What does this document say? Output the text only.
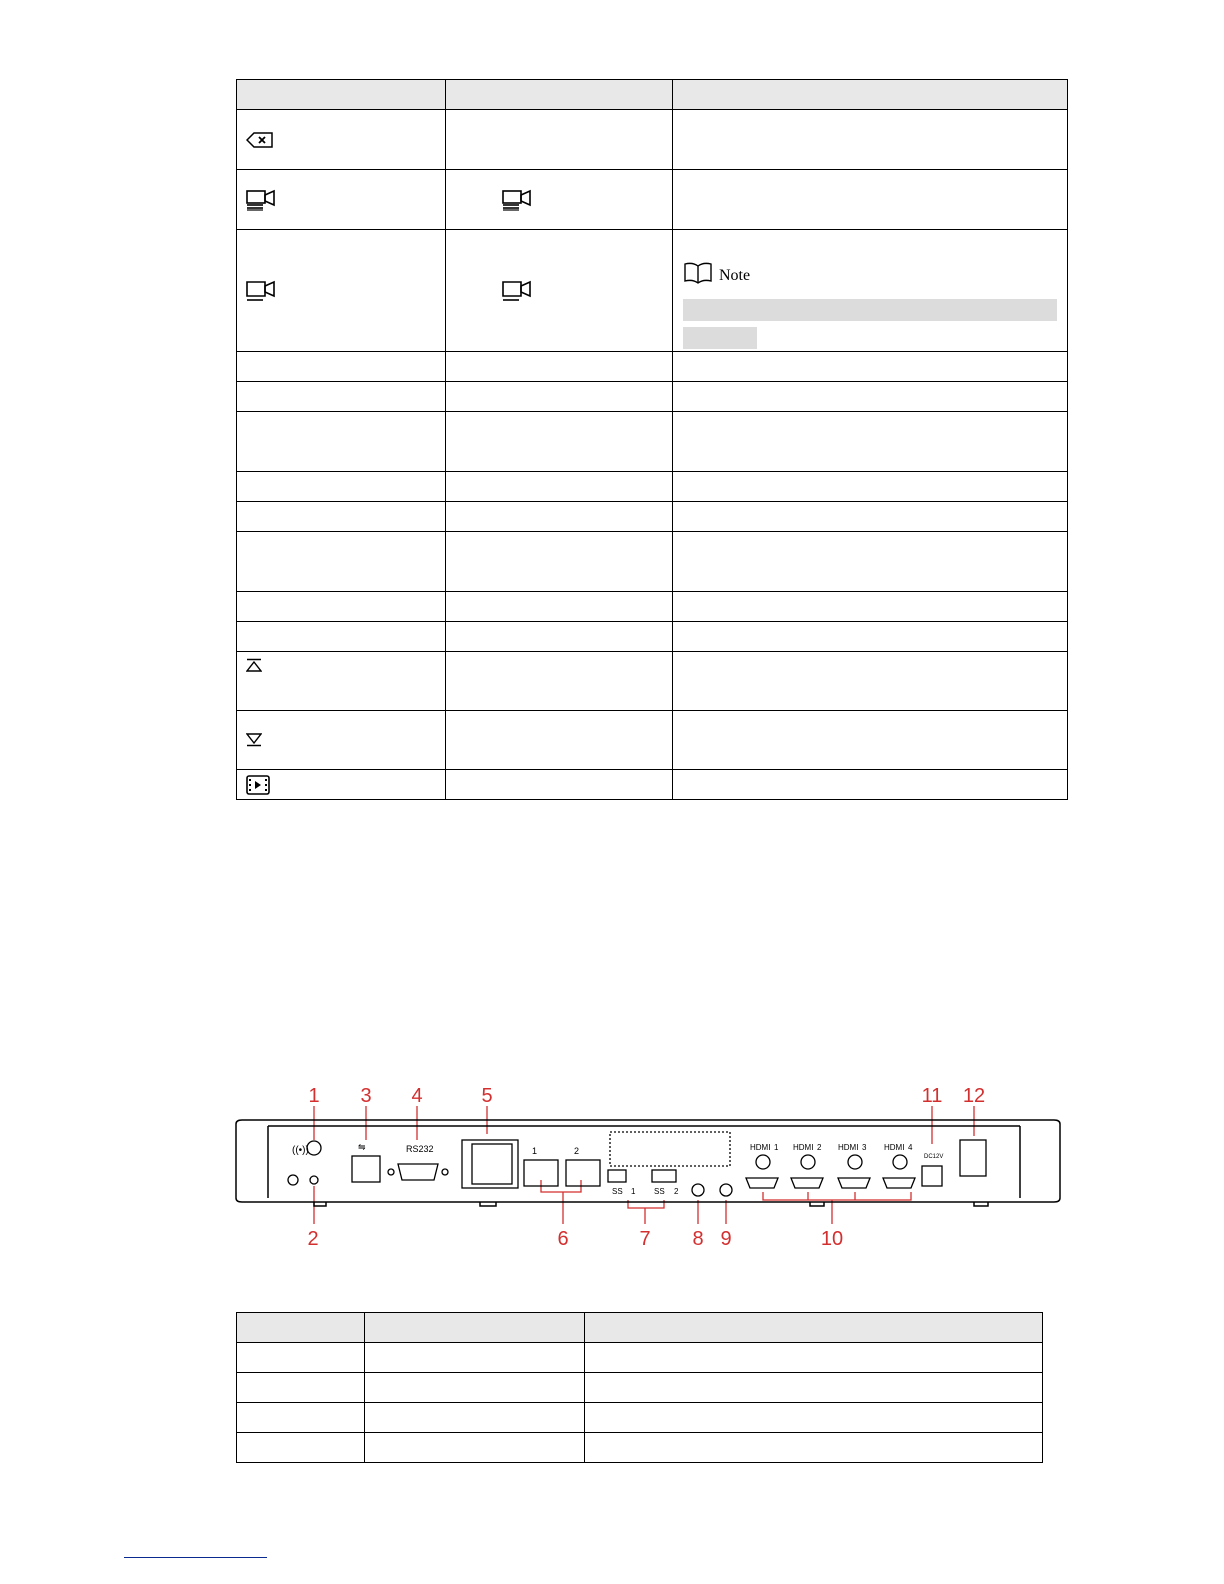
Note

1
2
3 4	5
6	7 8 9	10
11 12
((•))	⇋	RS232	1	2
SS 1 SS 2
HDMI 1 HDMI 2 HDMI 3 HDMI 4
DC12V
